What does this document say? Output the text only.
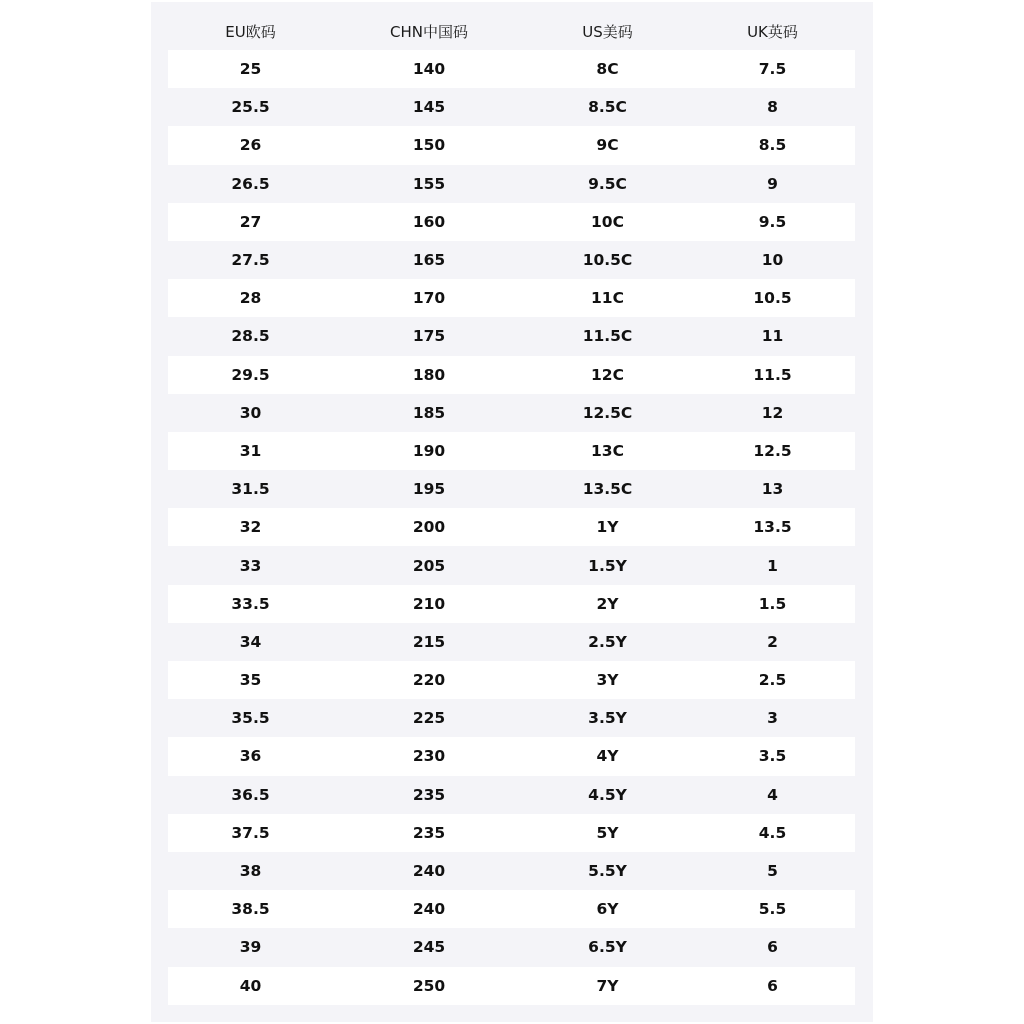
EU欧码	CHN中国码	US美码	UK英码
25	140	8C	7.5
25.5	145	8.5C	8
26	150	9C	8.5
26.5	155	9.5C	9
27	160	10C	9.5
27.5	165	10.5C	10
28	170	11C	10.5
28.5	175	11.5C	11
29.5	180	12C	11.5
30	185	12.5C	12
31	190	13C	12.5
31.5	195	13.5C	13
32	200	1Y	13.5
33	205	1.5Y	1
33.5	210	2Y	1.5
34	215	2.5Y	2
35	220	3Y	2.5
35.5	225	3.5Y	3
36	230	4Y	3.5
36.5	235	4.5Y	4
37.5	235	5Y	4.5
38	240	5.5Y	5
38.5	240	6Y	5.5
39	245	6.5Y	6
40	250	7Y	6
